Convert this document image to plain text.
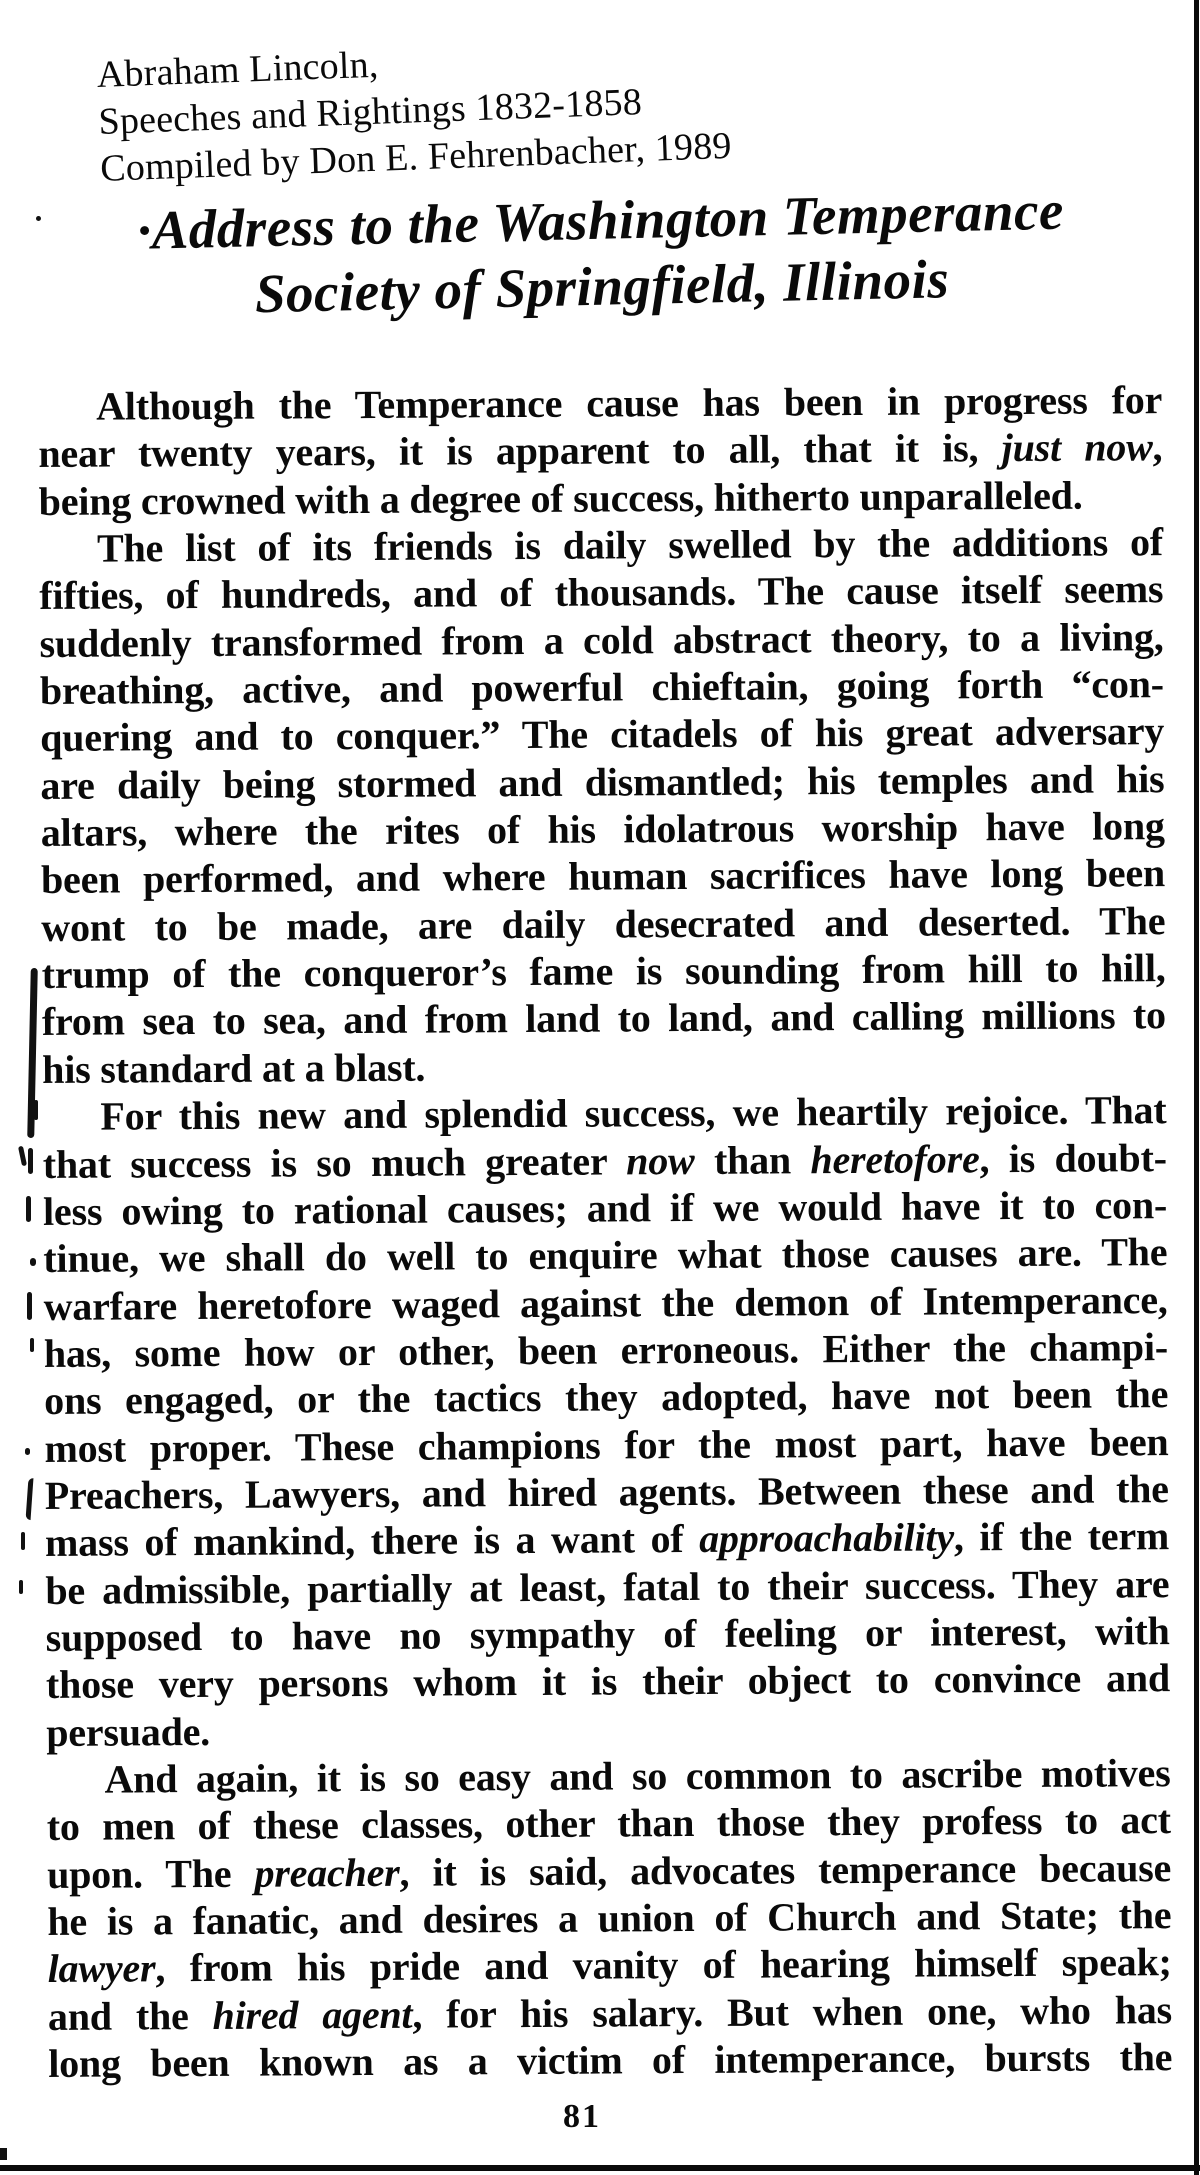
Abraham Lincoln,
Speeches and Rightings 1832-1858
Compiled by Don E. Fehrenbacher, 1989
·Address to the Washington Temperance
Society of Springfield, Illinois
Although the Temperance cause has been in progress for
near twenty years, it is apparent to all, that it is, just now,
being crowned with a degree of success, hitherto unparalleled.
The list of its friends is daily swelled by the additions of
fifties, of hundreds, and of thousands. The cause itself seems
suddenly transformed from a cold abstract theory, to a living,
breathing, active, and powerful chieftain, going forth “con-
quering and to conquer.” The citadels of his great adversary
are daily being stormed and dismantled; his temples and his
altars, where the rites of his idolatrous worship have long
been performed, and where human sacrifices have long been
wont to be made, are daily desecrated and deserted. The
trump of the conqueror’s fame is sounding from hill to hill,
from sea to sea, and from land to land, and calling millions to
his standard at a blast.
For this new and splendid success, we heartily rejoice. That
that success is so much greater now than heretofore, is doubt-
less owing to rational causes; and if we would have it to con-
tinue, we shall do well to enquire what those causes are. The
warfare heretofore waged against the demon of Intemperance,
has, some how or other, been erroneous. Either the champi-
ons engaged, or the tactics they adopted, have not been the
most proper. These champions for the most part, have been
Preachers, Lawyers, and hired agents. Between these and the
mass of mankind, there is a want of approachability, if the term
be admissible, partially at least, fatal to their success. They are
supposed to have no sympathy of feeling or interest, with
those very persons whom it is their object to convince and
persuade.
And again, it is so easy and so common to ascribe motives
to men of these classes, other than those they profess to act
upon. The preacher, it is said, advocates temperance because
he is a fanatic, and desires a union of Church and State; the
lawyer, from his pride and vanity of hearing himself speak;
and the hired agent, for his salary. But when one, who has
long been known as a victim of intemperance, bursts the
81
